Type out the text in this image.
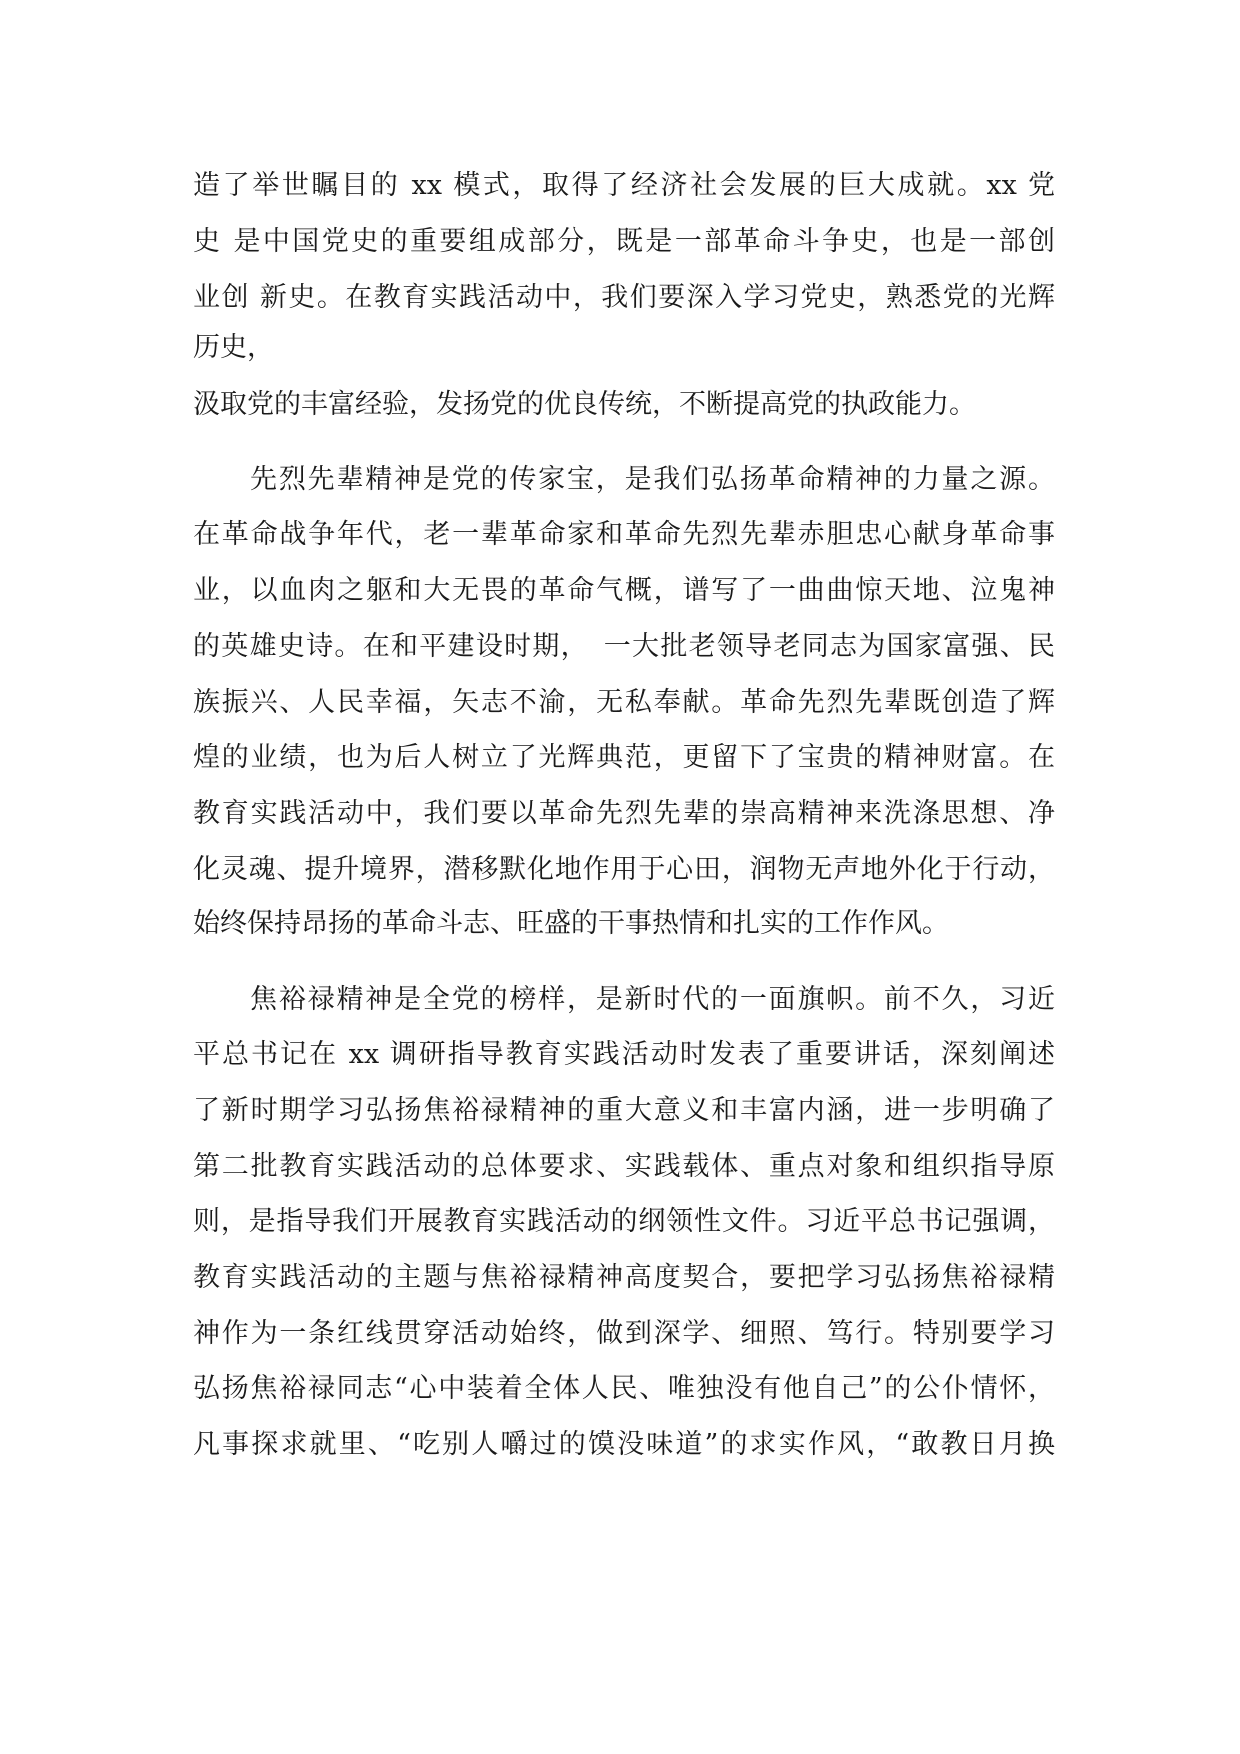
造了举世瞩目的 xx 模式，取得了经济社会发展的巨大成就。xx 党

史 是中国党史的重要组成部分，既是一部革命斗争史，也是一部创

业创 新史。在教育实践活动中，我们要深入学习党史，熟悉党的光辉

历史，

汲取党的丰富经验，发扬党的优良传统，不断提高党的执政能力。

先烈先辈精神是党的传家宝，是我们弘扬革命精神的力量之源。

在革命战争年代，老一辈革命家和革命先烈先辈赤胆忠心献身革命事

业，以血肉之躯和大无畏的革命气概，谱写了一曲曲惊天地、泣鬼神

的英雄史诗。在和平建设时期，　一大批老领导老同志为国家富强、民

族振兴、人民幸福，矢志不渝，无私奉献。革命先烈先辈既创造了辉

煌的业绩，也为后人树立了光辉典范，更留下了宝贵的精神财富。在

教育实践活动中，我们要以革命先烈先辈的崇高精神来洗涤思想、净

化灵魂、提升境界，潜移默化地作用于心田，润物无声地外化于行动，

始终保持昂扬的革命斗志、旺盛的干事热情和扎实的工作作风。

焦裕禄精神是全党的榜样，是新时代的一面旗帜。前不久，习近

平总书记在 xx 调研指导教育实践活动时发表了重要讲话，深刻阐述

了新时期学习弘扬焦裕禄精神的重大意义和丰富内涵，进一步明确了

第二批教育实践活动的总体要求、实践载体、重点对象和组织指导原

则，是指导我们开展教育实践活动的纲领性文件。习近平总书记强调，

教育实践活动的主题与焦裕禄精神高度契合，要把学习弘扬焦裕禄精

神作为一条红线贯穿活动始终，做到深学、细照、笃行。特别要学习

弘扬焦裕禄同志“心中装着全体人民、唯独没有他自己”的公仆情怀，

凡事探求就里、“吃别人嚼过的馍没味道”的求实作风，“敢教日月换
